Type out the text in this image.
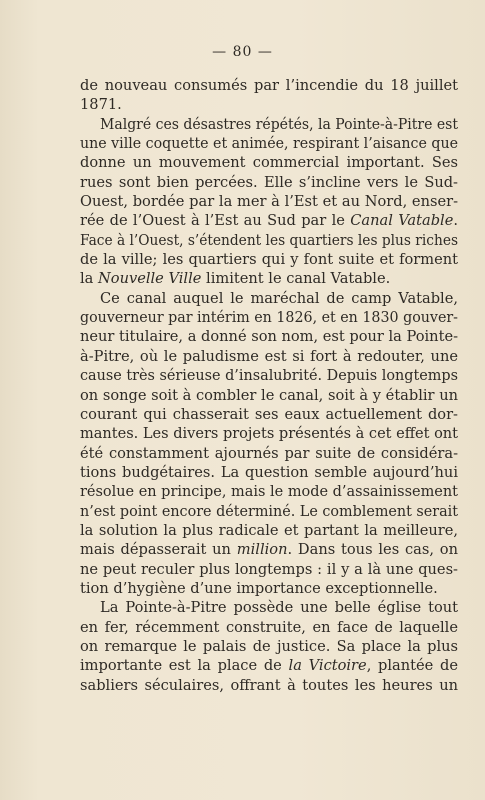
— 80 —
de nouveau consumés par l’incendie du 18 juillet
1871.
Malgré ces désastres répétés, la Pointe-à-Pitre est
une ville coquette et animée, respirant l’aisance que
donne un mouvement commercial important. Ses
rues sont bien percées. Elle s’incline vers le Sud-
Ouest, bordée par la mer à l’Est et au Nord, enser-
rée de l’Ouest à l’Est au Sud par le Canal Vatable.
Face à l’Ouest, s’étendent les quartiers les plus riches
de la ville; les quartiers qui y font suite et forment
la Nouvelle Ville limitent le canal Vatable.
Ce canal auquel le maréchal de camp Vatable,
gouverneur par intérim en 1826, et en 1830 gouver-
neur titulaire, a donné son nom, est pour la Pointe-
à-Pitre, où le paludisme est si fort à redouter, une
cause très sérieuse d’insalubrité. Depuis longtemps
on songe soit à combler le canal, soit à y établir un
courant qui chasserait ses eaux actuellement dor-
mantes. Les divers projets présentés à cet effet ont
été constamment ajournés par suite de considéra-
tions budgétaires. La question semble aujourd’hui
résolue en principe, mais le mode d’assainissement
n’est point encore déterminé. Le comblement serait
la solution la plus radicale et partant la meilleure,
mais dépasserait un million. Dans tous les cas, on
ne peut reculer plus longtemps : il y a là une ques-
tion d’hygiène d’une importance exceptionnelle.
La Pointe-à-Pitre possède une belle église tout
en fer, récemment construite, en face de laquelle
on remarque le palais de justice. Sa place la plus
importante est la place de la Victoire, plantée de
sabliers séculaires, offrant à toutes les heures un
